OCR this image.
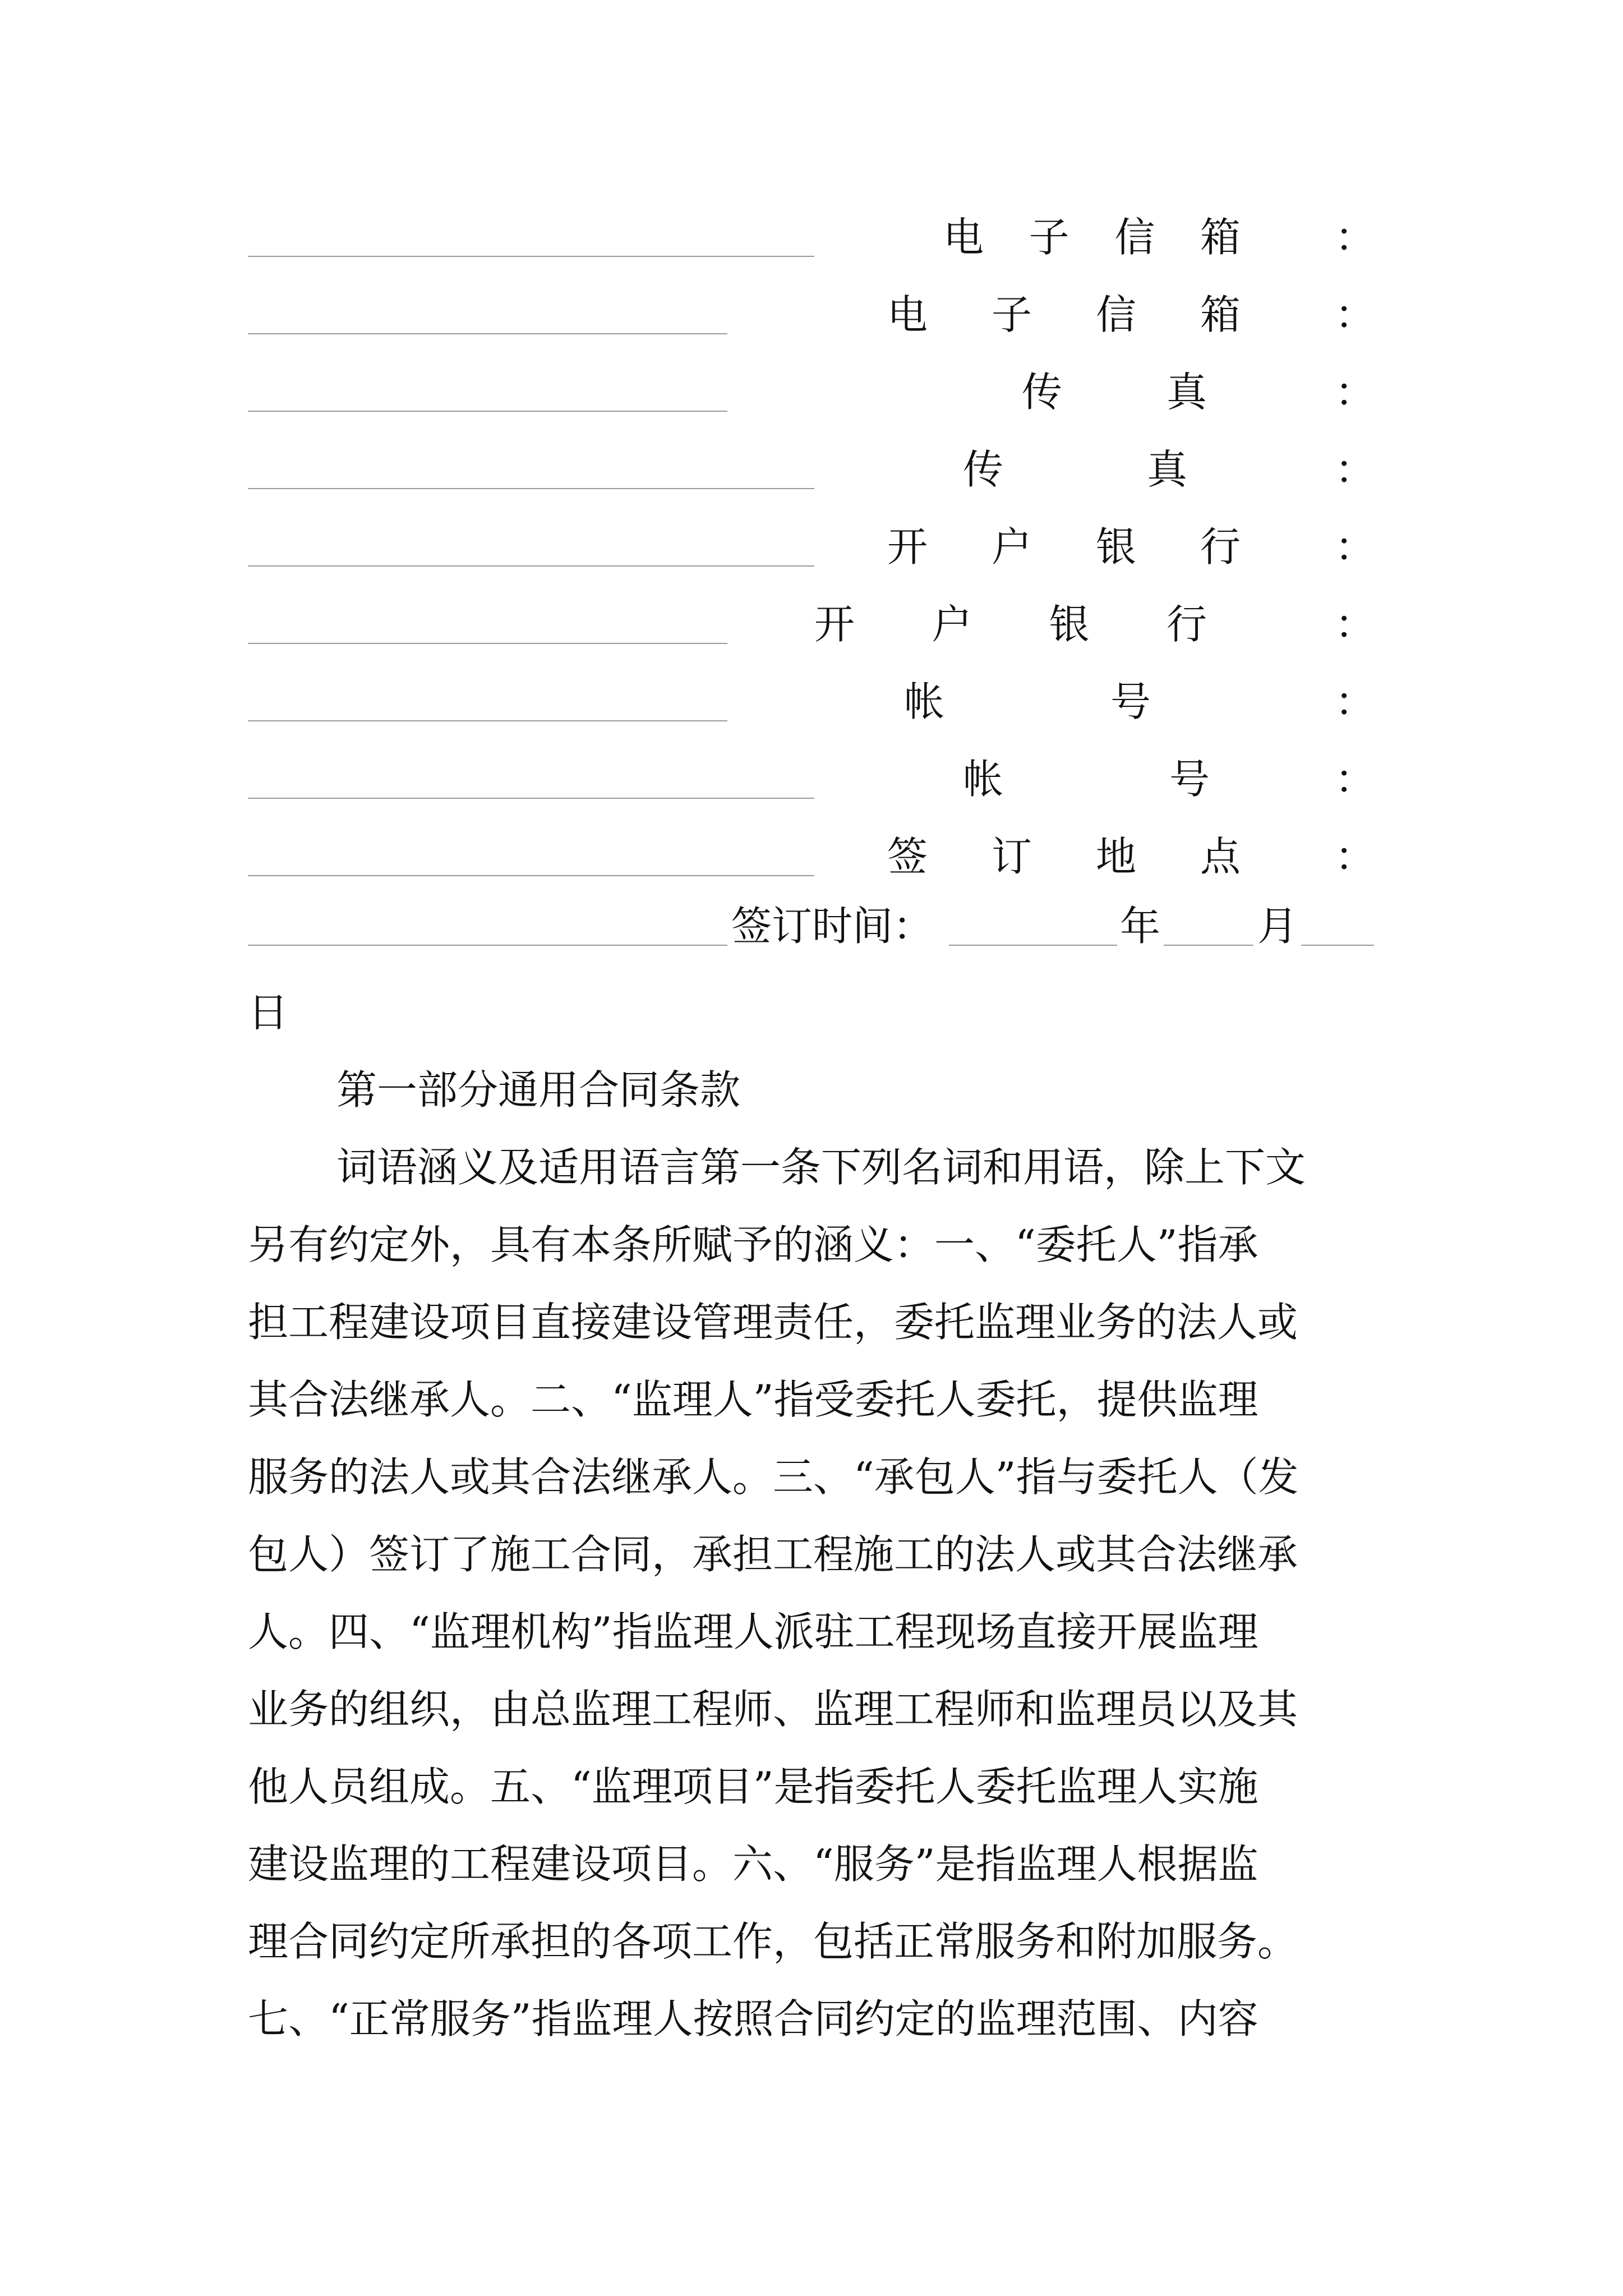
电 子 信 箱 ：
电 子 信 箱 ：
传	真	：
传	真	：
开 户 银 行 ：
开 户 银 行	：
帐	号	：
帐	号	：
签 订 地 点 ：
签订时间：	年 月
日
第一部分通用合同条款
词语涵义及适用语言第一条下列名词和用语，除上下文
另有约定外，具有本条所赋予的涵义：一、“委托人”指承
担工程建设项目直接建设管理责任，委托监理业务的法人或
其合法继承人。二、“监理人”指受委托人委托，提供监理
服务的法人或其合法继承人。三、“承包人”指与委托人（发
包人）签订了施工合同，承担工程施工的法人或其合法继承
人。四、“监理机构”指监理人派驻工程现场直接开展监理
业务的组织，由总监理工程师、监理工程师和监理员以及其
他人员组成。五、“监理项目”是指委托人委托监理人实施
建设监理的工程建设项目。六、“服务”是指监理人根据监
理合同约定所承担的各项工作，包括正常服务和附加服务。
七、“正常服务”指监理人按照合同约定的监理范围、内容
